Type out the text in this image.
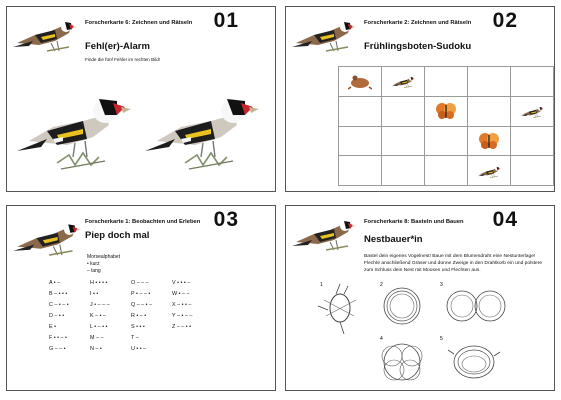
Forscherkarte 6: Zeichnen und Rätseln 01
Fehl(er)-Alarm
Finde die fünf Fehler im rechten Bild!
Forscherkarte 2: Zeichnen und Rätseln 02
Frühlingsboten-Sudoku

Forscherkarte 1: Beobachten und Erleben 03
Piep doch mal
Morsealphabet
• kurz
– lang
A • –
B – • • •
C – • – •
D – • •
E •
F • • – •
G – – •
H • • • •
I • •
J • – – –
K – • –
L • – • •
M – –
N – •
O – – –
P • – – •
Q – – • –
R • – •
S • • •
T –
U • • –
V • • • –
W • – –
X – • • –
Y – • – –
Z – – • •
Forscherkarte 8: Basteln und Bauen 04
Nestbauer*in
Bastel dein eigenes Vogelnest! Baue mit dem Blumendraht eine Nestunterlage! Flechte anschließend Gräser und dünne Zweige in den Drahtkorb ein und polstere zum Schluss dein Nest mit Moosen und Flechten aus.
1	2	3
4	5
